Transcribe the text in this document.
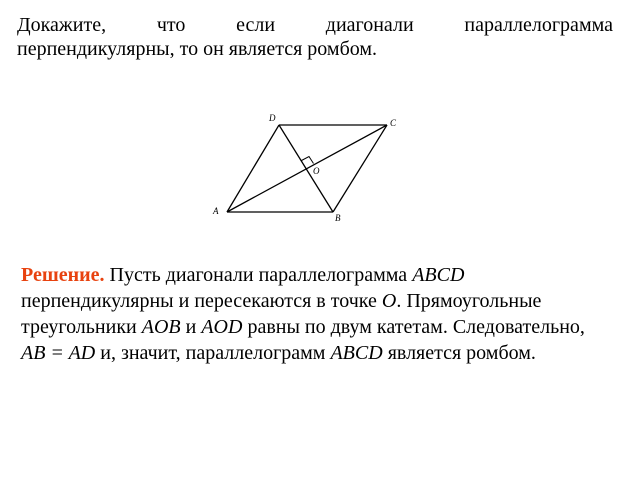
Докажите,	что	если	диагонали	параллелограмма
перпендикулярны, то он является ромбом.
A
B
C
D
O
Решение. Пусть диагонали параллелограмма ABCD перпендикулярны и пересекаются в точке O. Прямоугольные треугольники AOB и AOD равны по двум катетам. Следовательно, AB = AD и, значит, параллелограмм ABCD является ромбом.
